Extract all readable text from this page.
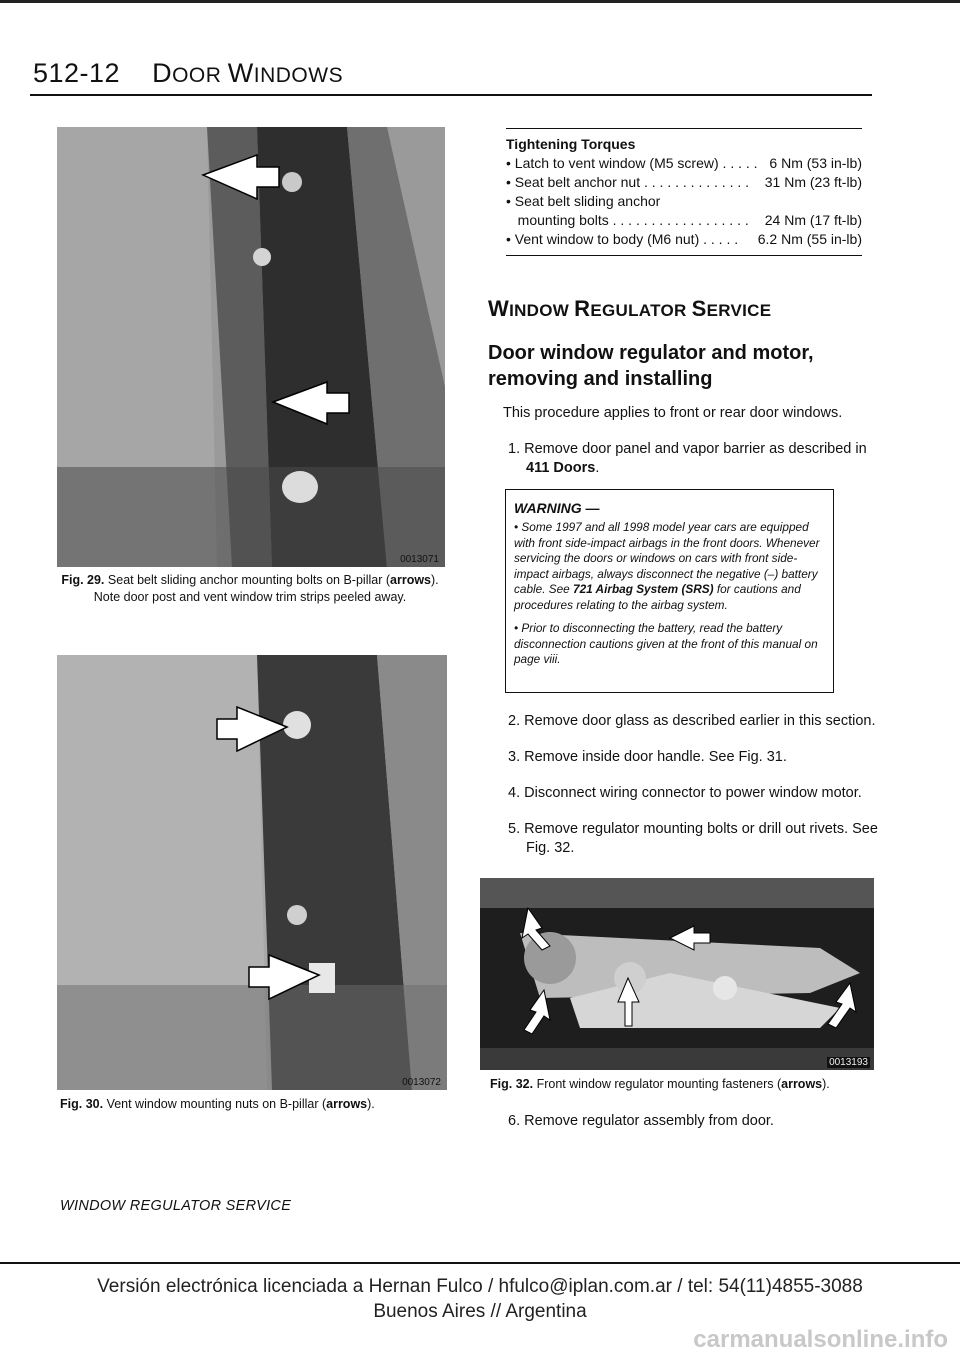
512-12 DOOR WINDOWS
0013071
Fig. 29. Seat belt sliding anchor mounting bolts on B-pillar (arrows).
Note door post and vent window trim strips peeled away.
0013072
Fig. 30. Vent window mounting nuts on B-pillar (arrows).
Tightening Torques
• Latch to vent window (M5 screw) . . . . . 6 Nm (53 in-lb)
• Seat belt anchor nut . . . . . . . . . . . . . .	31 Nm (23 ft-lb)
• Seat belt sliding anchor
mounting bolts . . . . . . . . . . . . . . . . . .	24 Nm (17 ft-lb)
• Vent window to body (M6 nut) . . . . .	6.2 Nm (55 in-lb)
WINDOW REGULATOR SERVICE
Door window regulator and motor,
removing and installing
This procedure applies to front or rear door windows.
1. Remove door panel and vapor barrier as described in
411 Doors.
WARNING —
• Some 1997 and all 1998 model year cars are equipped with front side-impact airbags in the front doors. Whenever servicing the doors or windows on cars with front side-impact airbags, always disconnect the negative (–) battery cable. See 721 Airbag System (SRS) for cautions and procedures relating to the airbag system.
• Prior to disconnecting the battery, read the battery disconnection cautions given at the front of this manual on page viii.
2. Remove door glass as described earlier in this section.
3. Remove inside door handle. See Fig. 31.
4. Disconnect wiring connector to power window motor.
5. Remove regulator mounting bolts or drill out rivets. See
Fig. 32.
0013193
Fig. 32. Front window regulator mounting fasteners (arrows).
6. Remove regulator assembly from door.
WINDOW REGULATOR SERVICE
Versión electrónica licenciada a Hernan Fulco / hfulco@iplan.com.ar / tel: 54(11)4855-3088
Buenos Aires // Argentina
carmanualsonline.info
